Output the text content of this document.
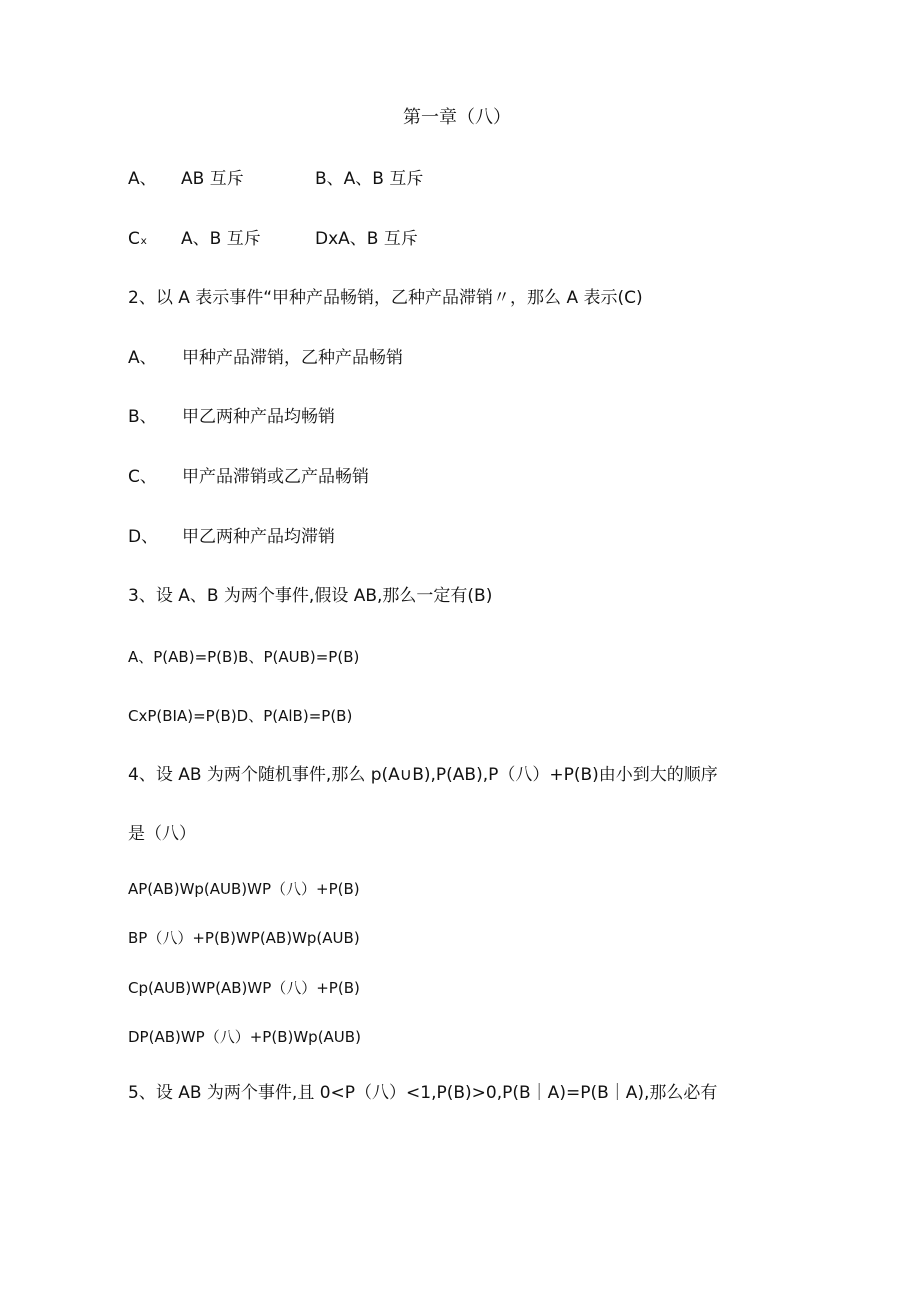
第一章（八）
A、 AB 互斥	B、A、B 互斥
Cₓ A、B 互斥	DxA、B 互斥
2、以 A 表示事件“甲种产品畅销，乙种产品滞销〃，那么 A 表示(C)
A、 甲种产品滞销，乙种产品畅销
B、 甲乙两种产品均畅销
C、 甲产品滞销或乙产品畅销
D、 甲乙两种产品均滞销
3、设 A、B 为两个事件,假设 AB,那么一定有(B)
A、P(AB)=P(B)B、P(AUB)=P(B)
CxP(BIA)=P(B)D、P(AlB)=P(B)
4、设 AB 为两个随机事件,那么 p(A∪B),P(AB),P（八）+P(B)由小到大的顺序
是（八）
AP(AB)Wp(AUB)WP（八）+P(B)
BP（八）+P(B)WP(AB)Wp(AUB)
Cp(AUB)WP(AB)WP（八）+P(B)
DP(AB)WP（八）+P(B)Wp(AUB)
5、设 AB 为两个事件,且 0<P（八）<1,P(B)>0,P(B｜A)=P(B｜A),那么必有
